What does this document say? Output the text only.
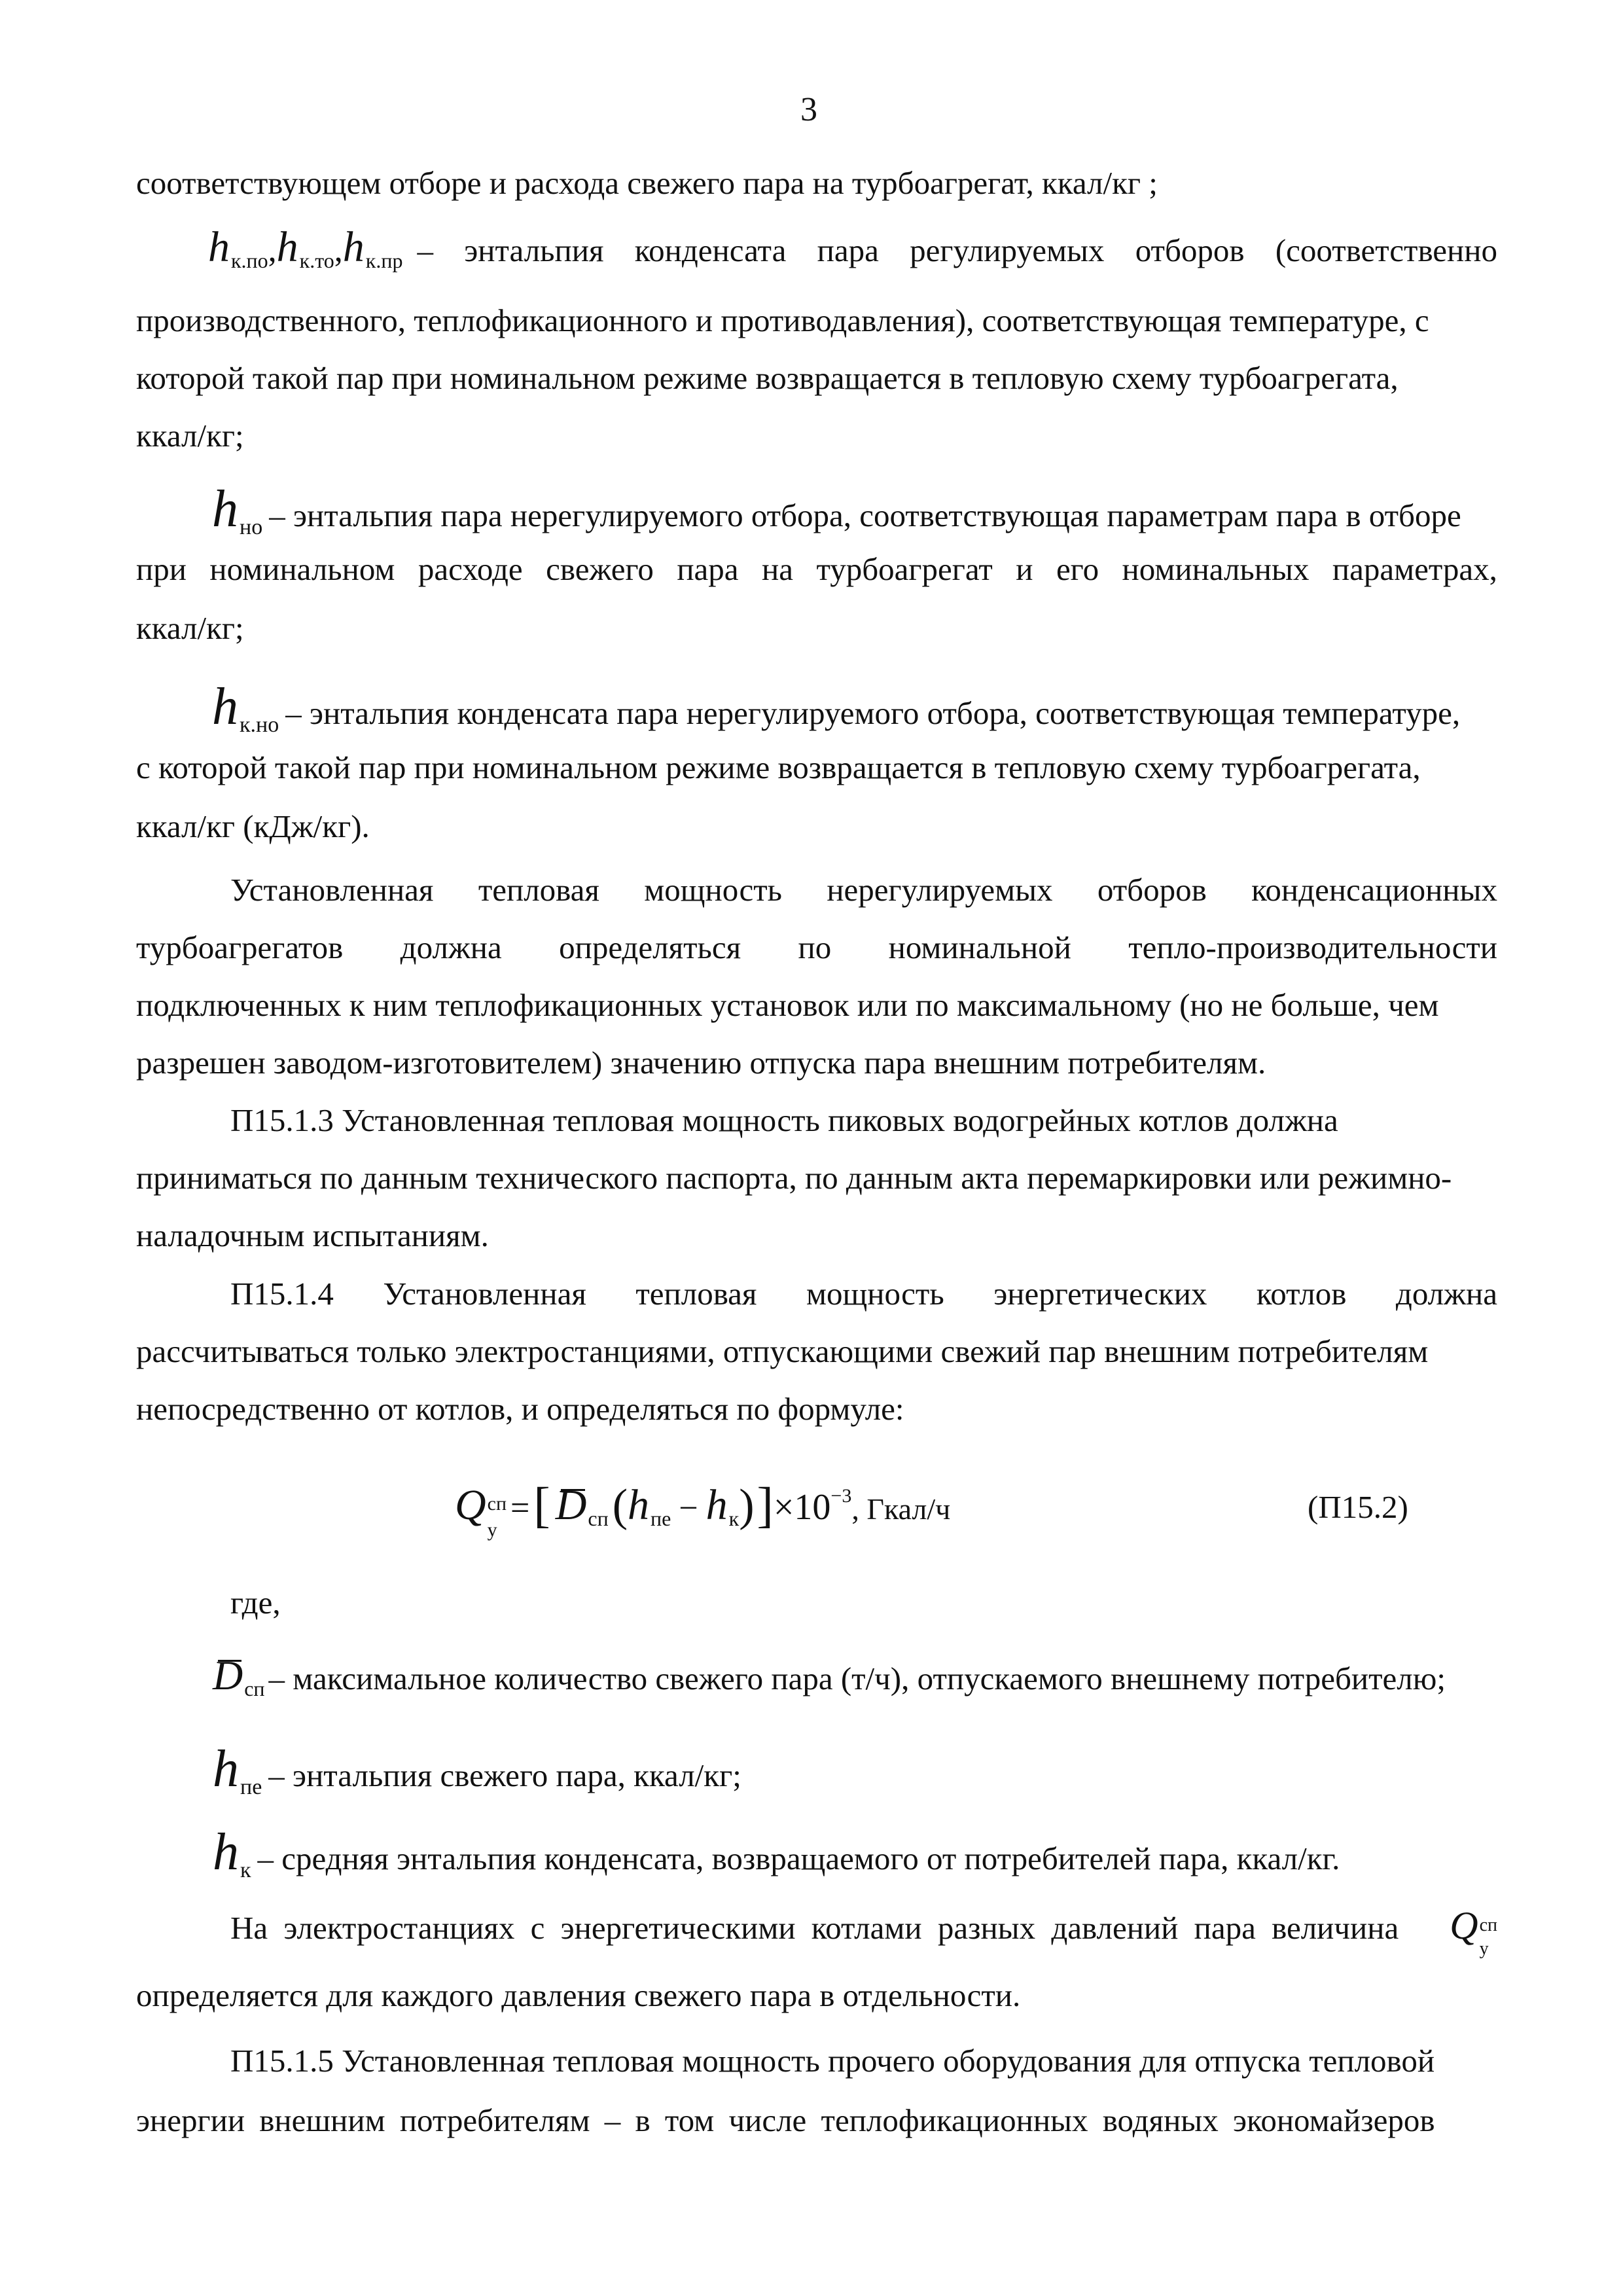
3
соответствующем отборе и расхода свежего пара на турбоагрегат, ккал/кг ;
$h_{к.по},h_{к.то},h_{к.пр}$ – энтальпия конденсата пара регулируемых отборов (соответственно
производственного, теплофикационного и противодавления), соответствующая температуре, с
которой такой пар при номинальном режиме возвращается в тепловую схему турбоагрегата,
ккал/кг;
h но – энтальпия пара нерегулируемого отбора, соответствующая параметрам пара в отборе
при номинальном расходе свежего пара на турбоагрегат и его номинальных параметрах,
ккал/кг;
h к.но – энтальпия конденсата пара нерегулируемого отбора, соответствующая температуре,
с которой такой пар при номинальном режиме возвращается в тепловую схему турбоагрегата,
ккал/кг (кДж/кг).
Установленная тепловая мощность нерегулируемых отборов конденсационных
турбоагрегатов должна определяться по номинальной тепло-производительности
подключенных к ним теплофикационных установок или по максимальному (но не больше, чем
разрешен заводом-изготовителем) значению отпуска пара внешним потребителям.
П15.1.3 Установленная тепловая мощность пиковых водогрейных котлов должна
приниматься по данным технического паспорта, по данным акта перемаркировки или режимно-
наладочным испытаниям.
П15.1.4 Установленная тепловая мощность энергетических котлов должна
рассчитываться только электростанциями, отпускающими свежий пар внешним потребителям
непосредственно от котлов, и определяться по формуле:
Q сп
у
= [ D сп ( h пе − h к ) ] ×10 −3 , Гкал/ч	(П15.2)
где,
D сп – максимальное количество свежего пара (т/ч), отпускаемого внешнему потребителю;
h пе – энтальпия свежего пара, ккал/кг;
h к – средняя энтальпия конденсата, возвращаемого от потребителей пара, ккал/кг.
На электростанциях с энергетическими котлами разных давлений пара величина Q сп
у
определяется для каждого давления свежего пара в отдельности.
П15.1.5 Установленная тепловая мощность прочего оборудования для отпуска тепловой
энергии внешним потребителям – в том числе теплофикационных водяных экономайзеров
